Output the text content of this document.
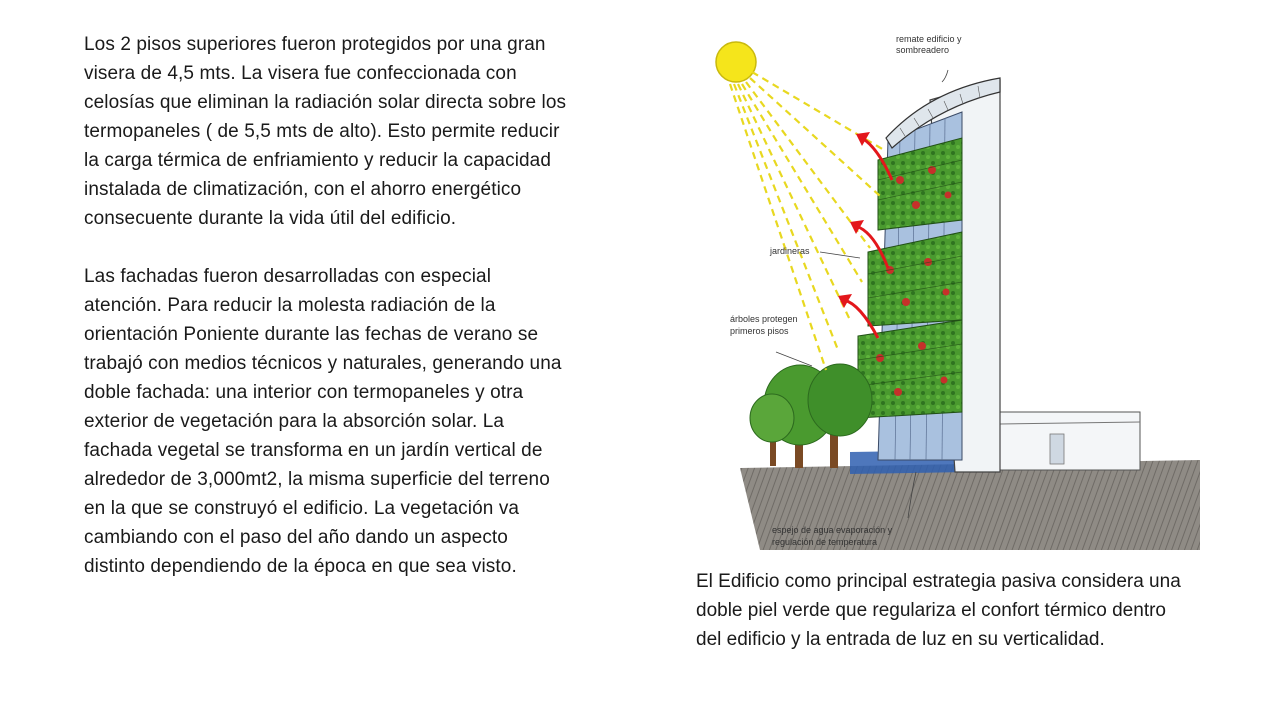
Los 2 pisos superiores fueron protegidos por una gran visera de 4,5 mts. La visera fue confeccionada con celosías que eliminan la radiación solar directa sobre los termopaneles ( de 5,5 mts de alto). Esto permite reducir la carga térmica de enfriamiento y reducir la capacidad instalada de climatización, con el ahorro energético consecuente durante la vida útil del edificio.

Las fachadas fueron desarrolladas con especial atención. Para reducir la molesta radiación de la orientación Poniente durante las fechas de verano se trabajó con medios técnicos y naturales, generando una doble fachada: una interior con termopaneles y otra exterior de vegetación para la absorción solar. La fachada vegetal se transforma en un jardín vertical de alrededor de 3,000mt2, la misma superficie del terreno en la que se construyó el edificio. La vegetación va cambiando con el paso del año dando un aspecto distinto dependiendo de la época en que sea visto.

remate edificio y
sombreadero
jardineras
árboles protegen
primeros pisos
espejo de agua evaporación y
regulación de temperatura
El Edificio como principal estrategia pasiva considera una doble piel verde que regulariza el confort térmico dentro del edificio y la entrada de luz en su verticalidad.
